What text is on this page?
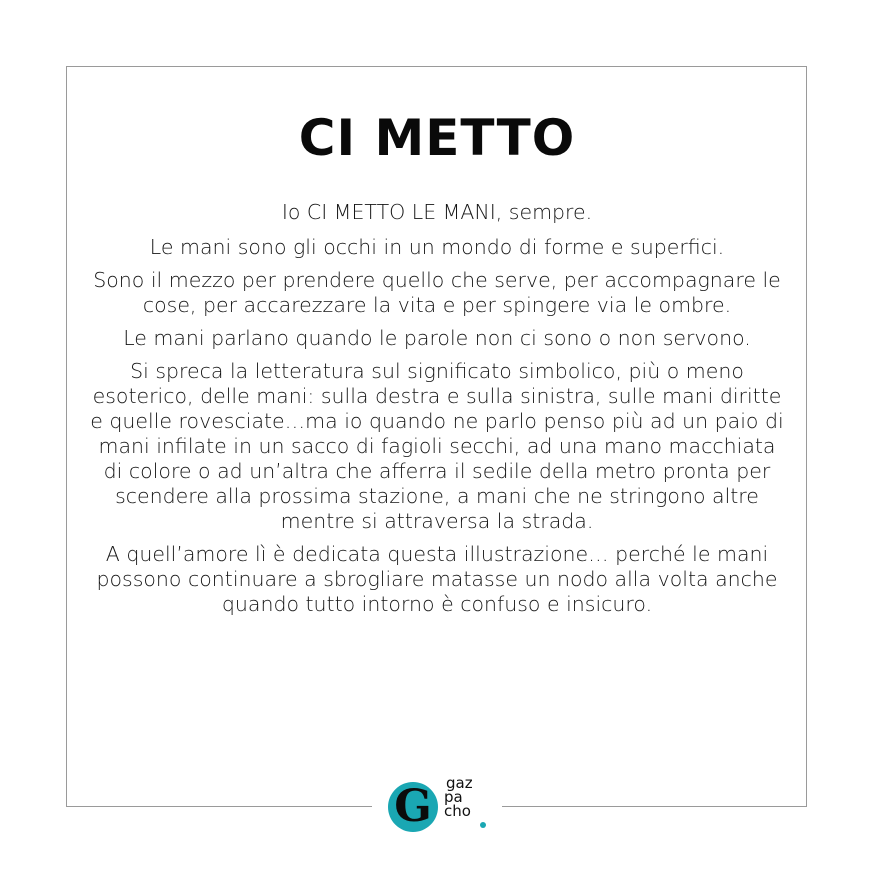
CI METTO

Io CI METTO LE MANI, sempre.

Le mani sono gli occhi in un mondo di forme e superfici.

Sono il mezzo per prendere quello che serve, per accompagnare le cose, per accarezzare la vita e per spingere via le ombre.

Le mani parlano quando le parole non ci sono o non servono.

Si spreca la letteratura sul significato simbolico, più o meno esoterico, delle mani: sulla destra e sulla sinistra, sulle mani diritte e quelle rovesciate…ma io quando ne parlo penso più ad un paio di mani infilate in un sacco di fagioli secchi, ad una mano macchiata di colore o ad un’altra che afferra il sedile della metro pronta per scendere alla prossima stazione, a mani che ne stringono altre mentre si attraversa la strada.

A quell’amore lì è dedicata questa illustrazione… perché le mani possono continuare a sbrogliare matasse un nodo alla volta anche quando tutto intorno è confuso e insicuro.

G gaz
pa
cho
